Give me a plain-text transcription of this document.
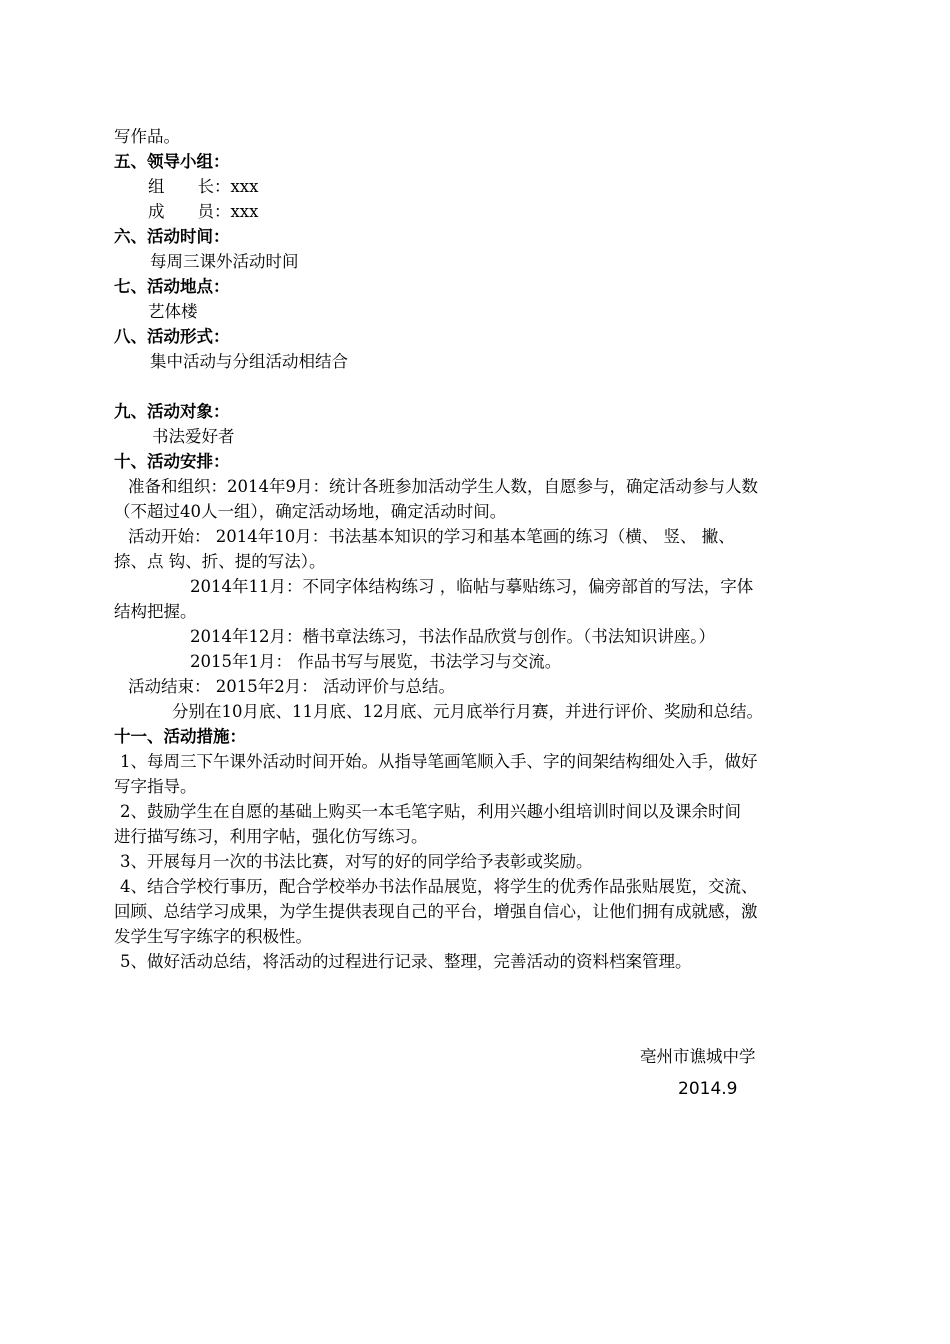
写作品。
五、领导小组：
组　　长：xxx
成　　员：xxx
六、活动时间：
每周三课外活动时间
七、活动地点：
艺体楼
八、活动形式：
集中活动与分组活动相结合
九、活动对象：
书法爱好者
十、活动安排：
准备和组织：2014年9月：统计各班参加活动学生人数，自愿参与，确定活动参与人数
（不超过40人一组），确定活动场地，确定活动时间。
活动开始： 2014年10月：书法基本知识的学习和基本笔画的练习（横、 竖、 撇、
捺、点 钩、折、提的写法）。
2014年11月：不同字体结构练习 ，临帖与摹贴练习，偏旁部首的写法，字体
结构把握。
2014年12月：楷书章法练习，书法作品欣赏与创作。（书法知识讲座。）
2015年1月： 作品书写与展览，书法学习与交流。
活动结束： 2015年2月： 活动评价与总结。
分别在10月底、11月底、12月底、元月底举行月赛，并进行评价、奖励和总结。
十一、活动措施：
1、每周三下午课外活动时间开始。从指导笔画笔顺入手、字的间架结构细处入手，做好
写字指导。
2、鼓励学生在自愿的基础上购买一本毛笔字贴，利用兴趣小组培训时间以及课余时间
进行描写练习，利用字帖，强化仿写练习。
3、开展每月一次的书法比赛，对写的好的同学给予表彰或奖励。
4、结合学校行事历，配合学校举办书法作品展览，将学生的优秀作品张贴展览，交流、
回顾、总结学习成果，为学生提供表现自己的平台，增强自信心，让他们拥有成就感，激
发学生写字练字的积极性。
5、做好活动总结，将活动的过程进行记录、整理，完善活动的资料档案管理。
亳州市谯城中学
2014.9
